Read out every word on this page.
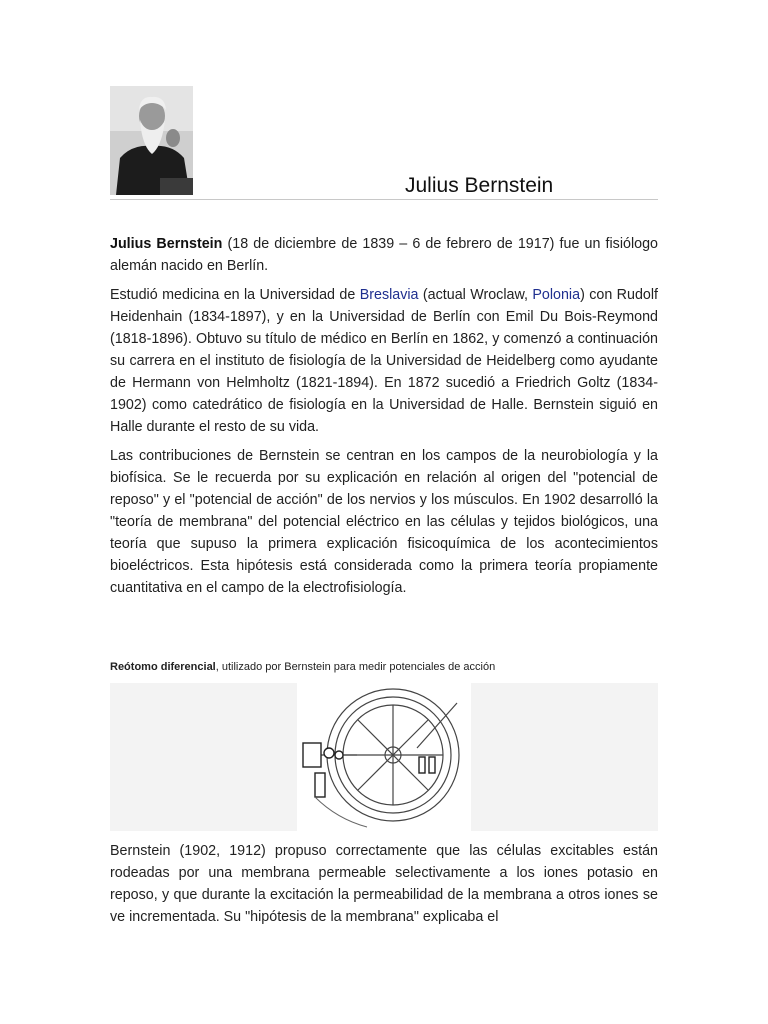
Julius Bernstein

Julius Bernstein (18 de diciembre de 1839 – 6 de febrero de 1917) fue un fisiólogo alemán nacido en Berlín.

Estudió medicina en la Universidad de Breslavia (actual Wroclaw, Polonia) con Rudolf Heidenhain (1834-1897), y en la Universidad de Berlín con Emil Du Bois-Reymond (1818-1896). Obtuvo su título de médico en Berlín en 1862, y comenzó a continuación su carrera en el instituto de fisiología de la Universidad de Heidelberg como ayudante de Hermann von Helmholtz (1821-1894). En 1872 sucedió a Friedrich Goltz (1834-1902) como catedrático de fisiología en la Universidad de Halle. Bernstein siguió en Halle durante el resto de su vida.

Las contribuciones de Bernstein se centran en los campos de la neurobiología y la biofísica. Se le recuerda por su explicación en relación al origen del "potencial de reposo" y el "potencial de acción" de los nervios y los músculos. En 1902 desarrolló la "teoría de membrana" del potencial eléctrico en las células y tejidos biológicos, una teoría que supuso la primera explicación fisicoquímica de los acontecimientos bioeléctricos. Esta hipótesis está considerada como la primera teoría propiamente cuantitativa en el campo de la electrofisiología.

Reótomo diferencial, utilizado por Bernstein para medir potenciales de acción

Bernstein (1902, 1912) propuso correctamente que las células excitables están rodeadas por una membrana permeable selectivamente a los iones potasio en reposo, y que durante la excitación la permeabilidad de la membrana a otros iones se ve incrementada. Su "hipótesis de la membrana" explicaba el
